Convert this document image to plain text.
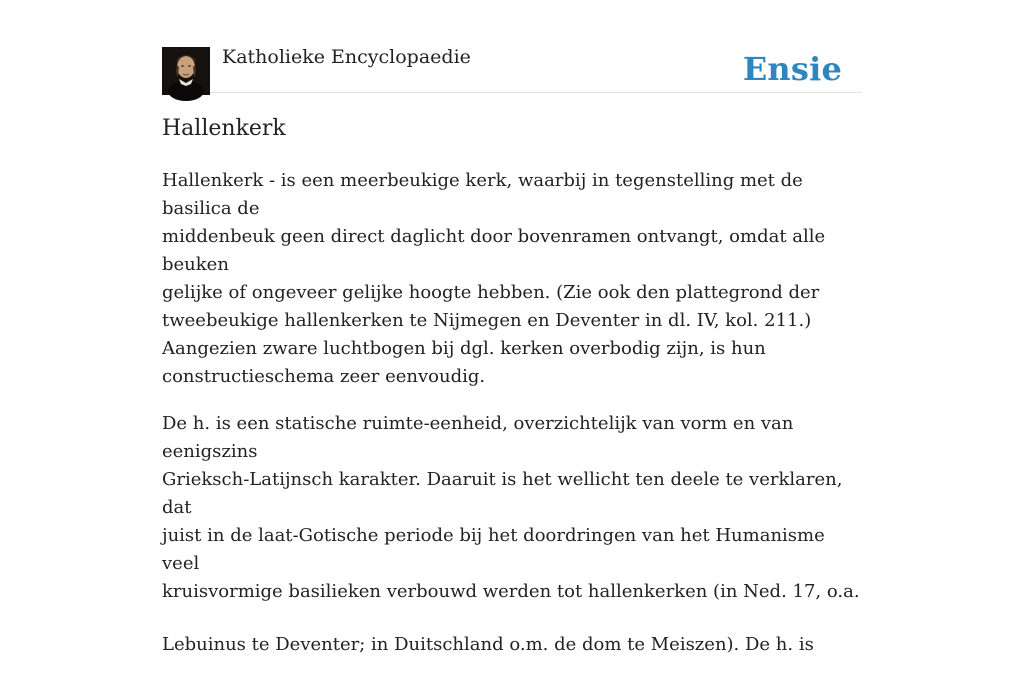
Katholieke Encyclopaedie	Ensie
Hallenkerk

Hallenkerk - is een meerbeukige kerk, waarbij in tegenstelling met de basilica de
middenbeuk geen direct daglicht door bovenramen ontvangt, omdat alle beuken
gelijke of ongeveer gelijke hoogte hebben. (Zie ook den plattegrond der
tweebeukige hallenkerken te Nijmegen en Deventer in dl. IV, kol. 211.)
Aangezien zware luchtbogen bij dgl. kerken overbodig zijn, is hun
constructieschema zeer eenvoudig.

De h. is een statische ruimte-eenheid, overzichtelijk van vorm en van eenigszins
Grieksch-Latijnsch karakter. Daaruit is het wellicht ten deele te verklaren, dat
juist in de laat-Gotische periode bij het doordringen van het Humanisme veel
kruisvormige basilieken verbouwd werden tot hallenkerken (in Ned. 17, o.a.

Lebuinus te Deventer; in Duitschland o.m. de dom te Meiszen). De h. is
